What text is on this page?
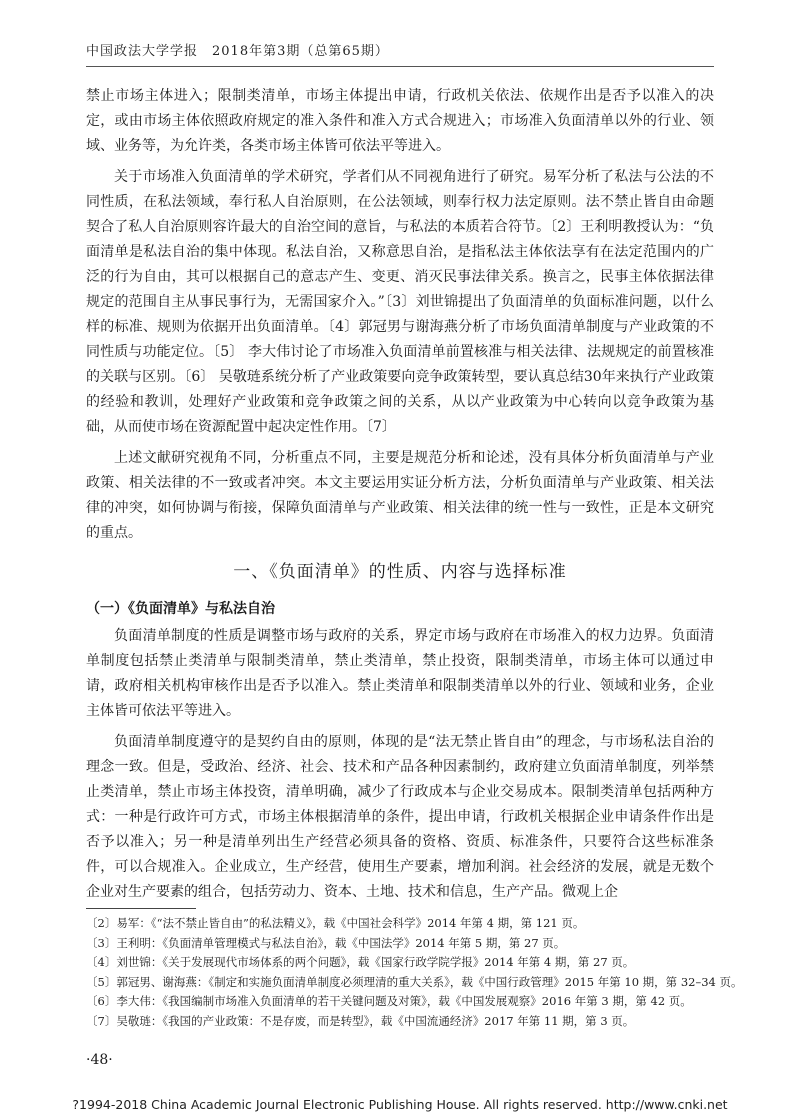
中国政法大学学报　2018年第3期（总第65期）

禁止市场主体进入；限制类清单，市场主体提出申请，行政机关依法、依规作出是否予以准入的决定，或由市场主体依照政府规定的准入条件和准入方式合规进入；市场准入负面清单以外的行业、领域、业务等，为允许类，各类市场主体皆可依法平等进入。

关于市场准入负面清单的学术研究，学者们从不同视角进行了研究。易军分析了私法与公法的不同性质，在私法领域，奉行私人自治原则，在公法领域，则奉行权力法定原则。法不禁止皆自由命题契合了私人自治原则容许最大的自治空间的意旨，与私法的本质若合符节。〔2〕王利明教授认为：“负面清单是私法自治的集中体现。私法自治，又称意思自治，是指私法主体依法享有在法定范围内的广泛的行为自由，其可以根据自己的意志产生、变更、消灭民事法律关系。换言之，民事主体依据法律规定的范围自主从事民事行为，无需国家介入。”〔3〕刘世锦提出了负面清单的负面标准问题，以什么样的标准、规则为依据开出负面清单。〔4〕郭冠男与谢海燕分析了市场负面清单制度与产业政策的不同性质与功能定位。〔5〕 李大伟讨论了市场准入负面清单前置核准与相关法律、法规规定的前置核准的关联与区别。〔6〕 吴敬琏系统分析了产业政策要向竞争政策转型，要认真总结30年来执行产业政策的经验和教训，处理好产业政策和竞争政策之间的关系，从以产业政策为中心转向以竞争政策为基础，从而使市场在资源配置中起决定性作用。〔7〕

上述文献研究视角不同，分析重点不同，主要是规范分析和论述，没有具体分析负面清单与产业政策、相关法律的不一致或者冲突。本文主要运用实证分析方法，分析负面清单与产业政策、相关法律的冲突，如何协调与衔接，保障负面清单与产业政策、相关法律的统一性与一致性，正是本文研究的重点。

一、《负面清单》的性质、内容与选择标准
（一）《负面清单》与私法自治

负面清单制度的性质是调整市场与政府的关系，界定市场与政府在市场准入的权力边界。负面清单制度包括禁止类清单与限制类清单，禁止类清单，禁止投资，限制类清单，市场主体可以通过申请，政府相关机构审核作出是否予以准入。禁止类清单和限制类清单以外的行业、领域和业务，企业主体皆可依法平等进入。

负面清单制度遵守的是契约自由的原则，体现的是“法无禁止皆自由”的理念，与市场私法自治的理念一致。但是，受政治、经济、社会、技术和产品各种因素制约，政府建立负面清单制度，列举禁止类清单，禁止市场主体投资，清单明确，减少了行政成本与企业交易成本。限制类清单包括两种方式：一种是行政许可方式，市场主体根据清单的条件，提出申请，行政机关根据企业申请条件作出是否予以准入；另一种是清单列出生产经营必须具备的资格、资质、标准条件，只要符合这些标准条件，可以合规准入。企业成立，生产经营，使用生产要素，增加利润。社会经济的发展，就是无数个企业对生产要素的组合，包括劳动力、资本、土地、技术和信息，生产产品。微观上企

〔2〕易军：《“法不禁止皆自由”的私法精义》，载《中国社会科学》2014 年第 4 期，第 121 页。
〔3〕王利明：《负面清单管理模式与私法自治》，载《中国法学》2014 年第 5 期，第 27 页。
〔4〕刘世锦：《关于发展现代市场体系的两个问题》，载《国家行政学院学报》2014 年第 4 期，第 27 页。
〔5〕郭冠男、谢海燕：《制定和实施负面清单制度必须理清的重大关系》，载《中国行政管理》2015 年第 10 期，第 32–34 页。
〔6〕李大伟：《我国编制市场准入负面清单的若干关键问题及对策》，载《中国发展观察》2016 年第 3 期，第 42 页。
〔7〕吴敬琏：《我国的产业政策：不是存废，而是转型》，载《中国流通经济》2017 年第 11 期，第 3 页。
·48·
?1994-2018 China Academic Journal Electronic Publishing House. All rights reserved. http://www.cnki.net
